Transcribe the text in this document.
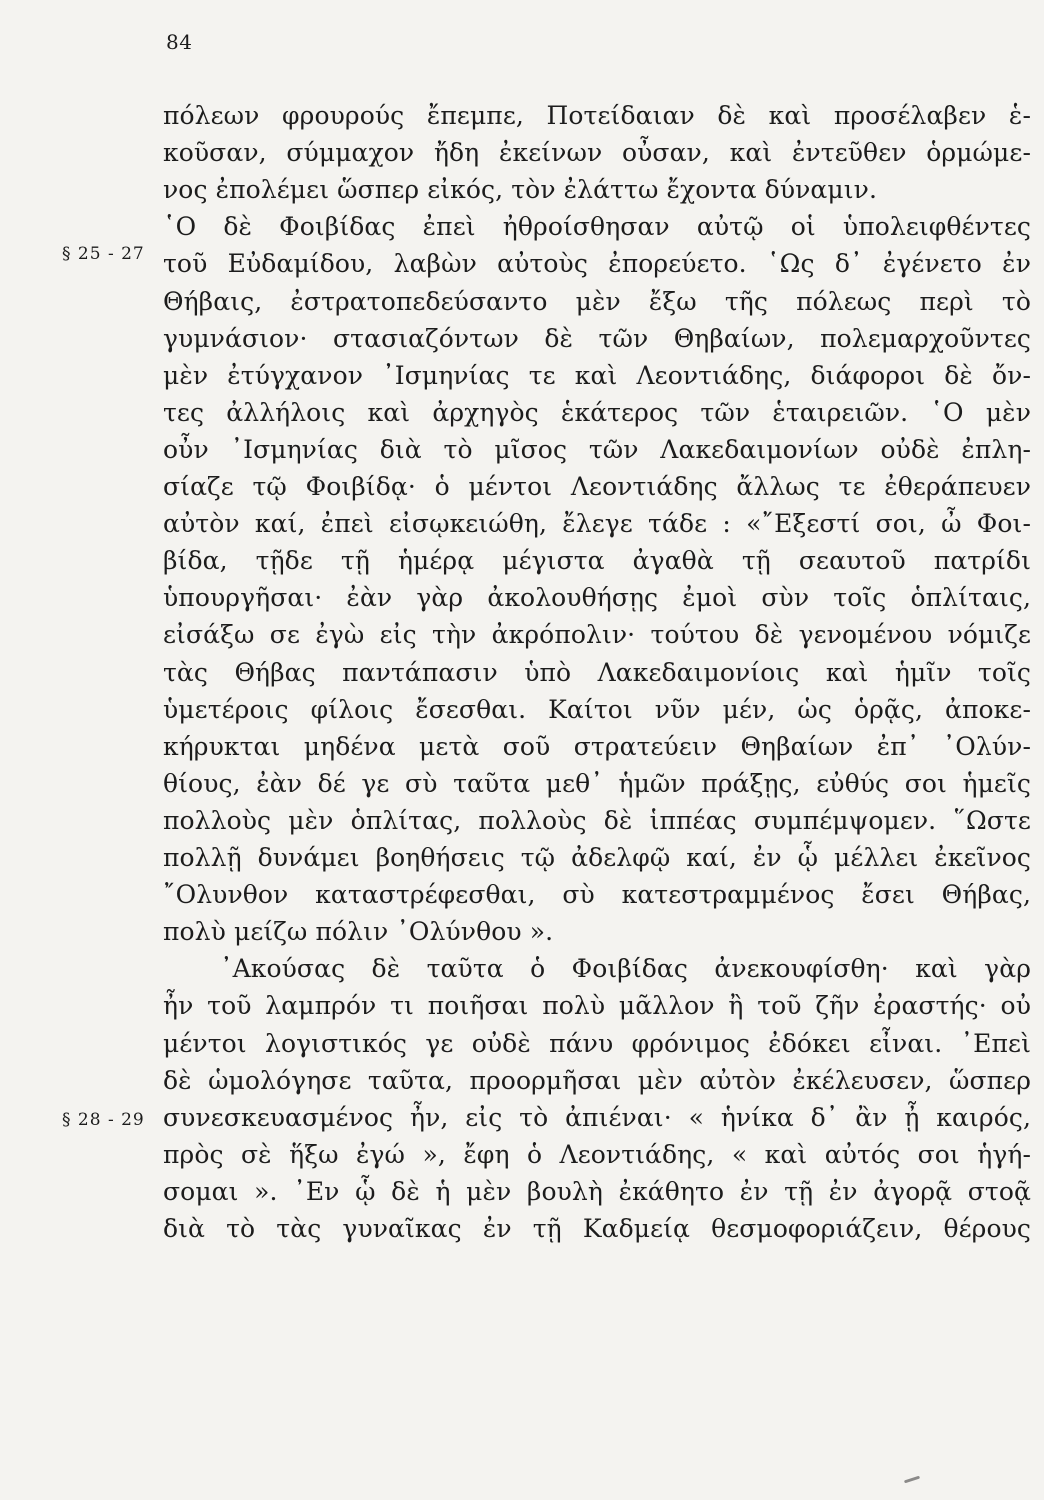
84
§ 25 - 27
§ 28 - 29
πόλεων φρουρούς ἔπεμπε, Ποτείδαιαν δὲ καὶ προσέλαβεν ἑ-
κοῦσαν, σύμμαχον ἤδη ἐκείνων οὖσαν, καὶ ἐντεῦθεν ὁρμώμε-
νος ἐπολέμει ὥσπερ εἰκός, τὸν ἐλάττω ἔχοντα δύναμιν.
῾Ο δὲ Φοιβίδας ἐπεὶ ἠθροίσθησαν αὐτῷ οἱ ὑπολειφθέντες
τοῦ Εὐδαμίδου, λαβὼν αὐτοὺς ἐπορεύετο. ῾Ως δ᾽ ἐγένετο ἐν
Θήβαις, ἐστρατοπεδεύσαντο μὲν ἔξω τῆς πόλεως περὶ τὸ
γυμνάσιον· στασιαζόντων δὲ τῶν Θηβαίων, πολεμαρχοῦντες
μὲν ἐτύγχανον ᾿Ισμηνίας τε καὶ Λεοντιάδης, διάφοροι δὲ ὄν-
τες ἀλλήλοις καὶ ἀρχηγὸς ἑκάτερος τῶν ἑταιρειῶν. ῾Ο μὲν
οὖν ᾿Ισμηνίας διὰ τὸ μῖσος τῶν Λακεδαιμονίων οὐδὲ ἐπλη-
σίαζε τῷ Φοιβίδᾳ· ὁ μέντοι Λεοντιάδης ἄλλως τε ἐθεράπευεν
αὐτὸν καί, ἐπεὶ εἰσῳκειώθη, ἔλεγε τάδε : «῎Εξεστί σοι, ὦ Φοι-
βίδα, τῇδε τῇ ἡμέρᾳ μέγιστα ἀγαθὰ τῇ σεαυτοῦ πατρίδι
ὑπουργῆσαι· ἐὰν γὰρ ἀκολουθήσῃς ἐμοὶ σὺν τοῖς ὁπλίταις,
εἰσάξω σε ἐγὼ εἰς τὴν ἀκρόπολιν· τούτου δὲ γενομένου νόμιζε
τὰς Θήβας παντάπασιν ὑπὸ Λακεδαιμονίοις καὶ ἡμῖν τοῖς
ὑμετέροις φίλοις ἔσεσθαι. Καίτοι νῦν μέν, ὡς ὁρᾷς, ἀποκε-
κήρυκται μηδένα μετὰ σοῦ στρατεύειν Θηβαίων ἐπ᾽ ᾿Ολύν-
θίους, ἐὰν δέ γε σὺ ταῦτα μεθ᾽ ἡμῶν πράξῃς, εὐθύς σοι ἡμεῖς
πολλοὺς μὲν ὁπλίτας, πολλοὺς δὲ ἱππέας συμπέμψομεν. ῞Ωστε
πολλῇ δυνάμει βοηθήσεις τῷ ἀδελφῷ καί, ἐν ᾧ μέλλει ἐκεῖνος
῎Ολυνθον καταστρέφεσθαι, σὺ κατεστραμμένος ἔσει Θήβας,
πολὺ μείζω πόλιν ᾿Ολύνθου ».
᾿Ακούσας δὲ ταῦτα ὁ Φοιβίδας ἀνεκουφίσθη· καὶ γὰρ
ἦν τοῦ λαμπρόν τι ποιῆσαι πολὺ μᾶλλον ἢ τοῦ ζῆν ἐραστής· οὐ
μέντοι λογιστικός γε οὐδὲ πάνυ φρόνιμος ἐδόκει εἶναι. ᾿Επεὶ
δὲ ὡμολόγησε ταῦτα, προορμῆσαι μὲν αὐτὸν ἐκέλευσεν, ὥσπερ
συνεσκευασμένος ἦν, εἰς τὸ ἀπιέναι· « ἡνίκα δ᾽ ἂν ᾖ καιρός,
πρὸς σὲ ἥξω ἐγώ », ἔφη ὁ Λεοντιάδης, « καὶ αὐτός σοι ἡγή-
σομαι ». ᾿Εν ᾧ δὲ ἡ μὲν βουλὴ ἐκάθητο ἐν τῇ ἐν ἀγορᾷ στοᾷ
διὰ τὸ τὰς γυναῖκας ἐν τῇ Καδμείᾳ θεσμοφοριάζειν, θέρους
